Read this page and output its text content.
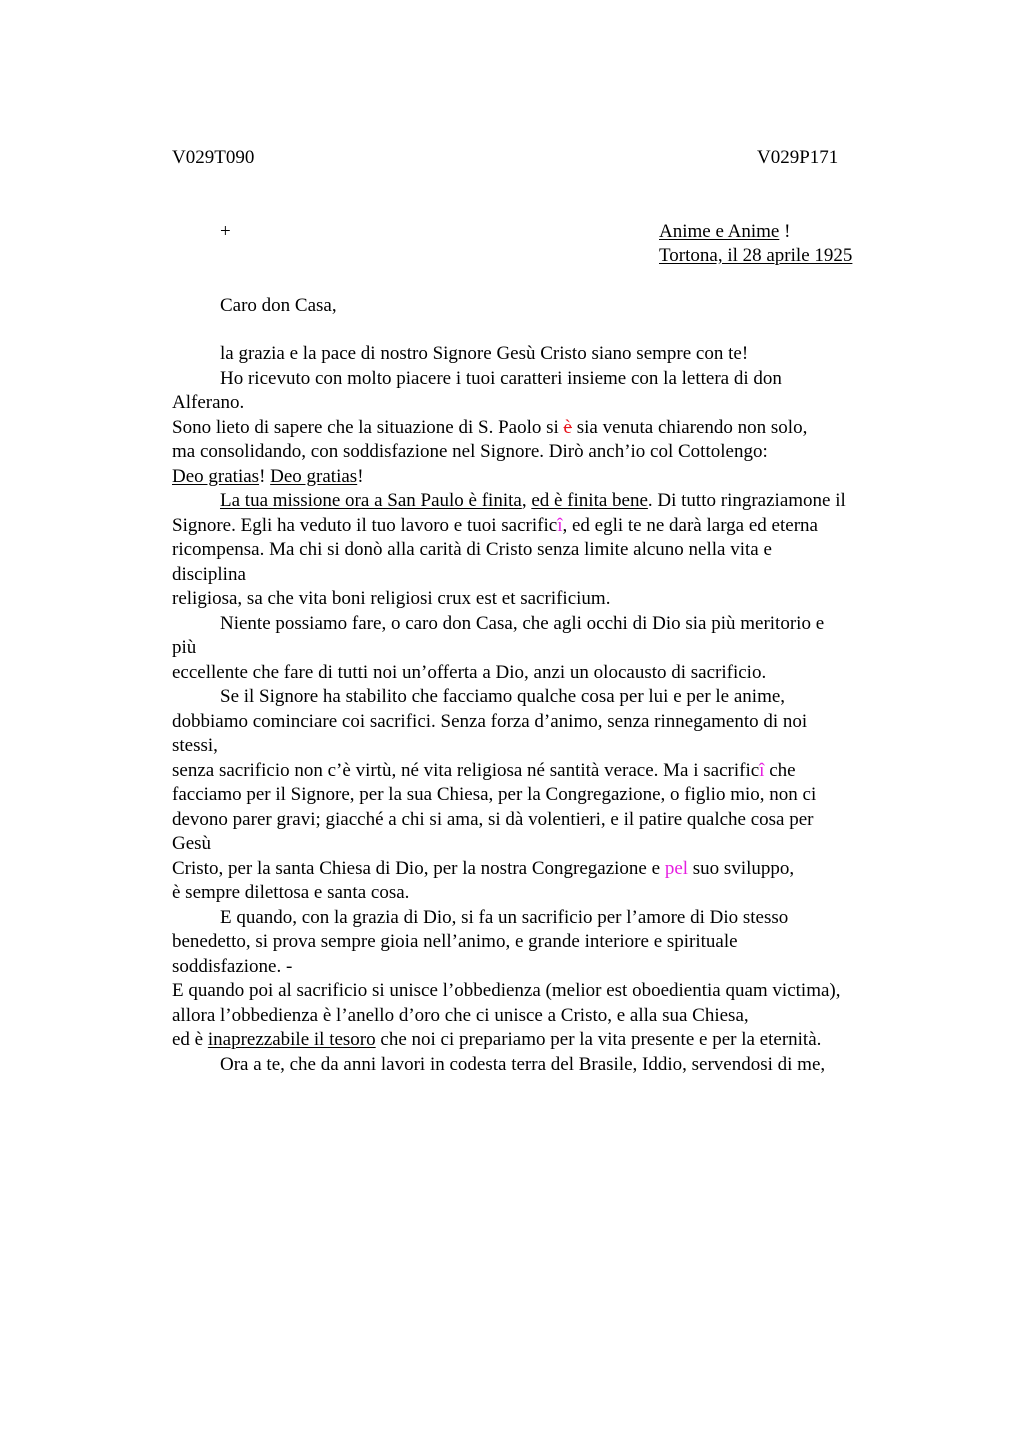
V029T090	V029P171
+	Anime e Anime !
Tortona, il 28 aprile 1925
Caro don Casa,
la grazia e la pace di nostro Signore Gesù Cristo siano sempre con te!
Ho ricevuto con molto piacere i tuoi caratteri insieme con la lettera di don
Alferano.
Sono lieto di sapere che la situazione di S. Paolo si è sia venuta chiarendo non solo,
ma consolidando, con soddisfazione nel Signore. Dirò anch’io col Cottolengo:
Deo gratias! Deo gratias!
La tua missione ora a San Paulo è finita, ed è finita bene. Di tutto ringraziamone il
Signore. Egli ha veduto il tuo lavoro e tuoi sacrificî, ed egli te ne darà larga ed eterna
ricompensa. Ma chi si donò alla carità di Cristo senza limite alcuno nella vita e
disciplina
religiosa, sa che vita boni religiosi crux est et sacrificium.
Niente possiamo fare, o caro don Casa, che agli occhi di Dio sia più meritorio e
più
eccellente che fare di tutti noi un’offerta a Dio, anzi un olocausto di sacrificio.
Se il Signore ha stabilito che facciamo qualche cosa per lui e per le anime,
dobbiamo cominciare coi sacrifici. Senza forza d’animo, senza rinnegamento di noi
stessi,
senza sacrificio non c’è virtù, né vita religiosa né santità verace. Ma i sacrificî che
facciamo per il Signore, per la sua Chiesa, per la Congregazione, o figlio mio, non ci
devono parer gravi; giacché a chi si ama, si dà volentieri, e il patire qualche cosa per
Gesù
Cristo, per la santa Chiesa di Dio, per la nostra Congregazione e pel suo sviluppo,
è sempre dilettosa e santa cosa.
E quando, con la grazia di Dio, si fa un sacrificio per l’amore di Dio stesso
benedetto, si prova sempre gioia nell’animo, e grande interiore e spirituale
soddisfazione. -
E quando poi al sacrificio si unisce l’obbedienza (melior est oboedientia quam victima),
allora l’obbedienza è l’anello d’oro che ci unisce a Cristo, e alla sua Chiesa,
ed è inaprezzabile il tesoro che noi ci prepariamo per la vita presente e per la eternità.
Ora a te, che da anni lavori in codesta terra del Brasile, Iddio, servendosi di me,
